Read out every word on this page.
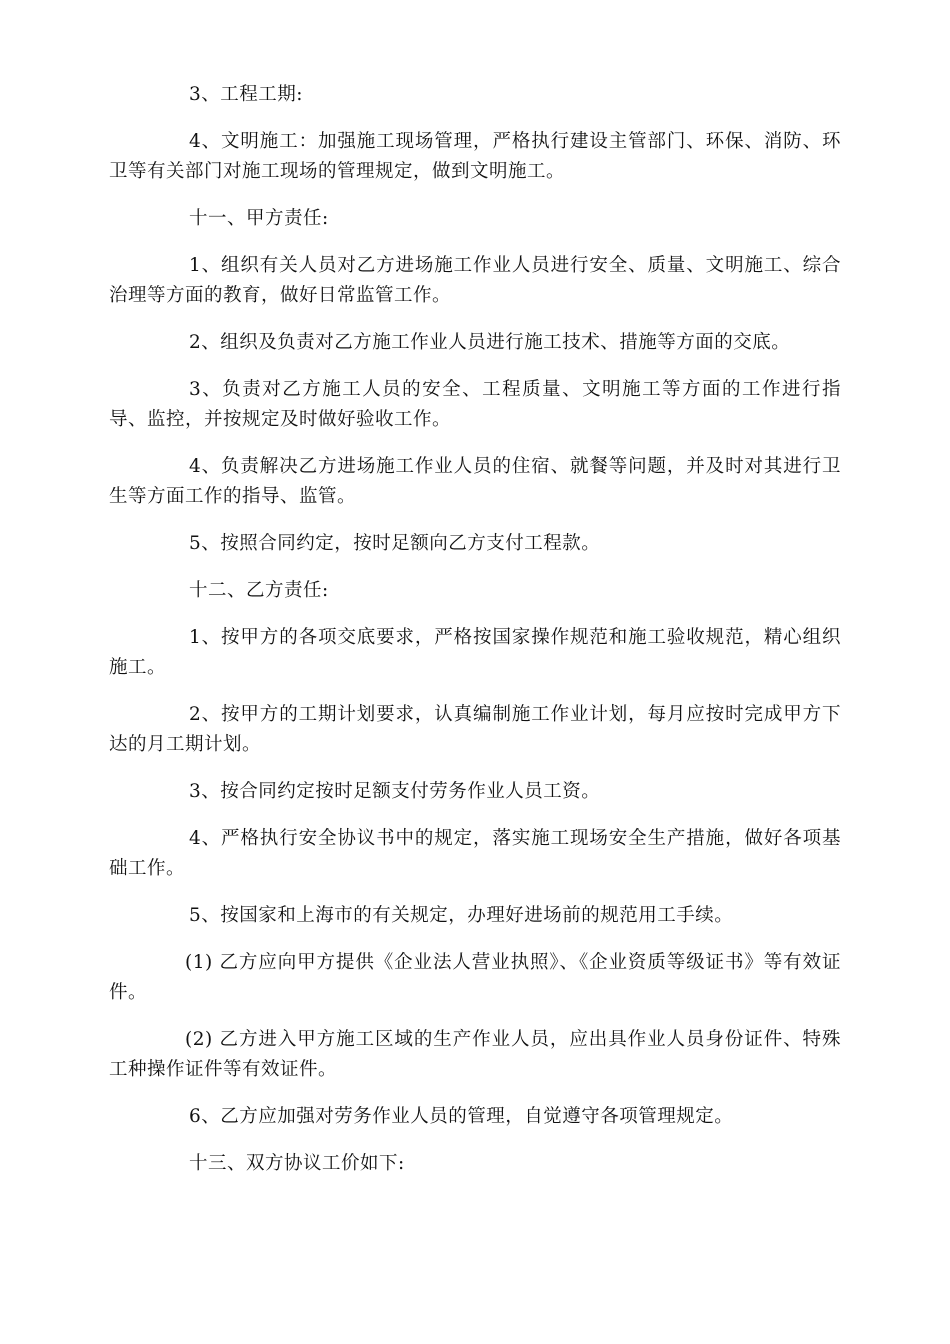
3、工程工期:

4、文明施工：加强施工现场管理，严格执行建设主管部门、环保、消防、环卫等有关部门对施工现场的管理规定，做到文明施工。

十一、甲方责任:

1、组织有关人员对乙方进场施工作业人员进行安全、质量、文明施工、综合治理等方面的教育，做好日常监管工作。

2、组织及负责对乙方施工作业人员进行施工技术、措施等方面的交底。

3、负责对乙方施工人员的安全、工程质量、文明施工等方面的工作进行指导、监控，并按规定及时做好验收工作。

4、负责解决乙方进场施工作业人员的住宿、就餐等问题，并及时对其进行卫生等方面工作的指导、监管。

5、按照合同约定，按时足额向乙方支付工程款。

十二、乙方责任:

1、按甲方的各项交底要求，严格按国家操作规范和施工验收规范，精心组织施工。

2、按甲方的工期计划要求，认真编制施工作业计划，每月应按时完成甲方下达的月工期计划。

3、按合同约定按时足额支付劳务作业人员工资。

4、严格执行安全协议书中的规定，落实施工现场安全生产措施，做好各项基础工作。

5、按国家和上海市的有关规定，办理好进场前的规范用工手续。

(1) 乙方应向甲方提供《企业法人营业执照》、《企业资质等级证书》等有效证件。

(2) 乙方进入甲方施工区域的生产作业人员，应出具作业人员身份证件、特殊工种操作证件等有效证件。

6、乙方应加强对劳务作业人员的管理，自觉遵守各项管理规定。

十三、双方协议工价如下:
